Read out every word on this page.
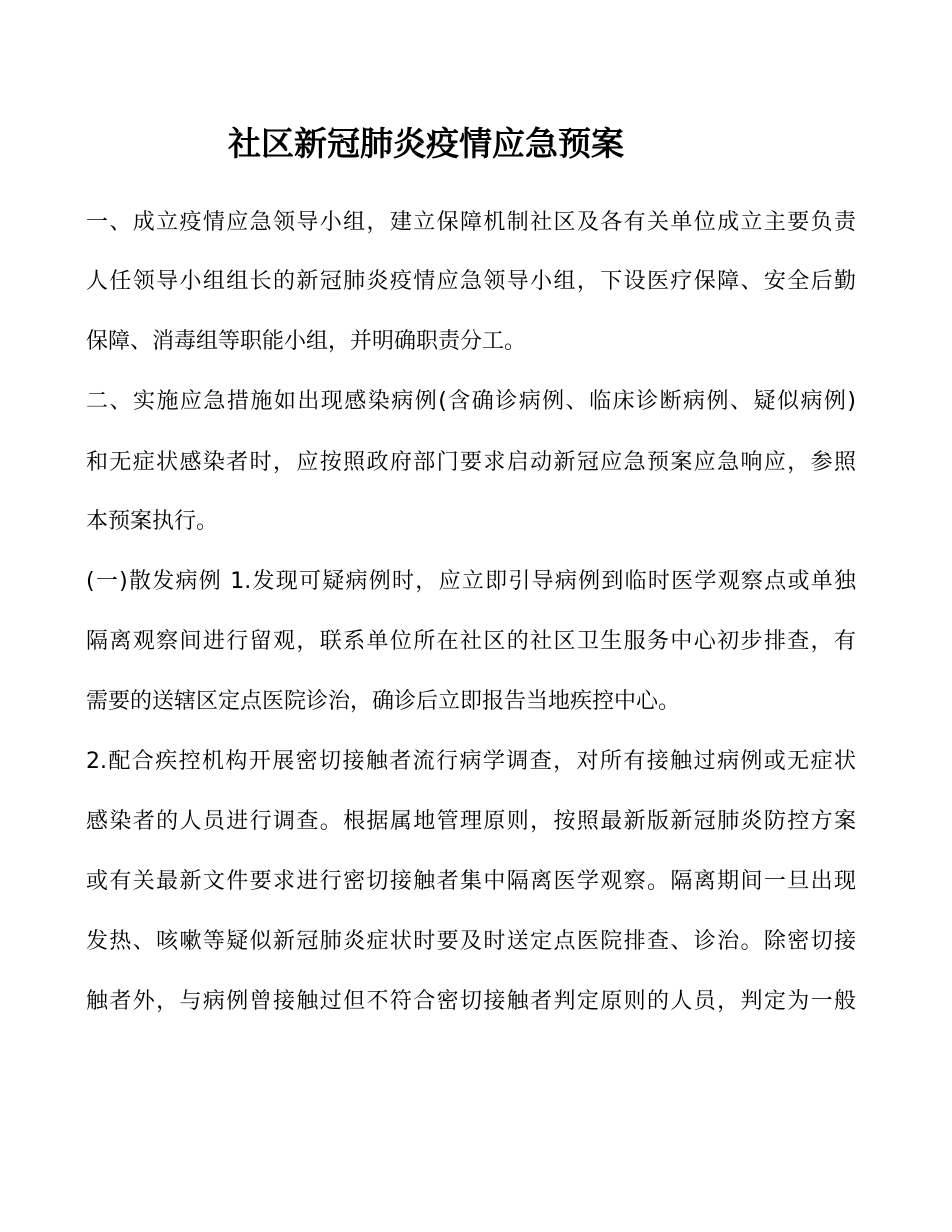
社区新冠肺炎疫情应急预案
一、成立疫情应急领导小组，建立保障机制社区及各有关单位成立主要负责
人任领导小组组长的新冠肺炎疫情应急领导小组，下设医疗保障、安全后勤
保障、消毒组等职能小组，并明确职责分工。
二、实施应急措施如出现感染病例(含确诊病例、临床诊断病例、疑似病例)
和无症状感染者时，应按照政府部门要求启动新冠应急预案应急响应，参照
本预案执行。
(一)散发病例 1.发现可疑病例时，应立即引导病例到临时医学观察点或单独
隔离观察间进行留观，联系单位所在社区的社区卫生服务中心初步排查，有
需要的送辖区定点医院诊治，确诊后立即报告当地疾控中心。
2.配合疾控机构开展密切接触者流行病学调查，对所有接触过病例或无症状
感染者的人员进行调查。根据属地管理原则，按照最新版新冠肺炎防控方案
或有关最新文件要求进行密切接触者集中隔离医学观察。隔离期间一旦出现
发热、咳嗽等疑似新冠肺炎症状时要及时送定点医院排查、诊治。除密切接
触者外，与病例曾接触过但不符合密切接触者判定原则的人员，判定为一般
